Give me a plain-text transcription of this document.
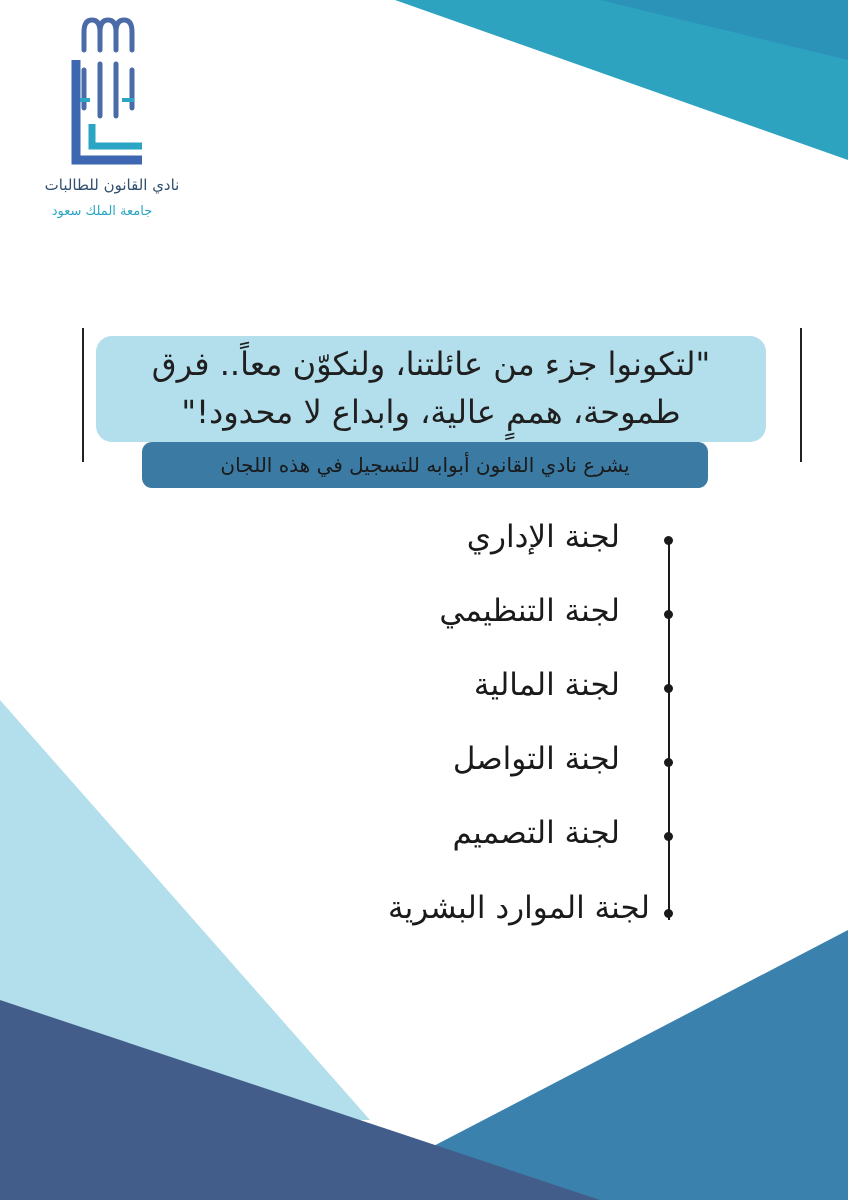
نادي القانون للطالبات
جامعة الملك سعود
"لتكونوا جزء من عائلتنا، ولنكوّن معاً.. فرق
طموحة، هممٍ عالية، وابداع لا محدود!"
يشرع نادي القانون أبوابه للتسجيل في هذه اللجان
لجنة الإداري
لجنة التنظيمي
لجنة المالية
لجنة التواصل
لجنة التصميم
لجنة الموارد البشرية
